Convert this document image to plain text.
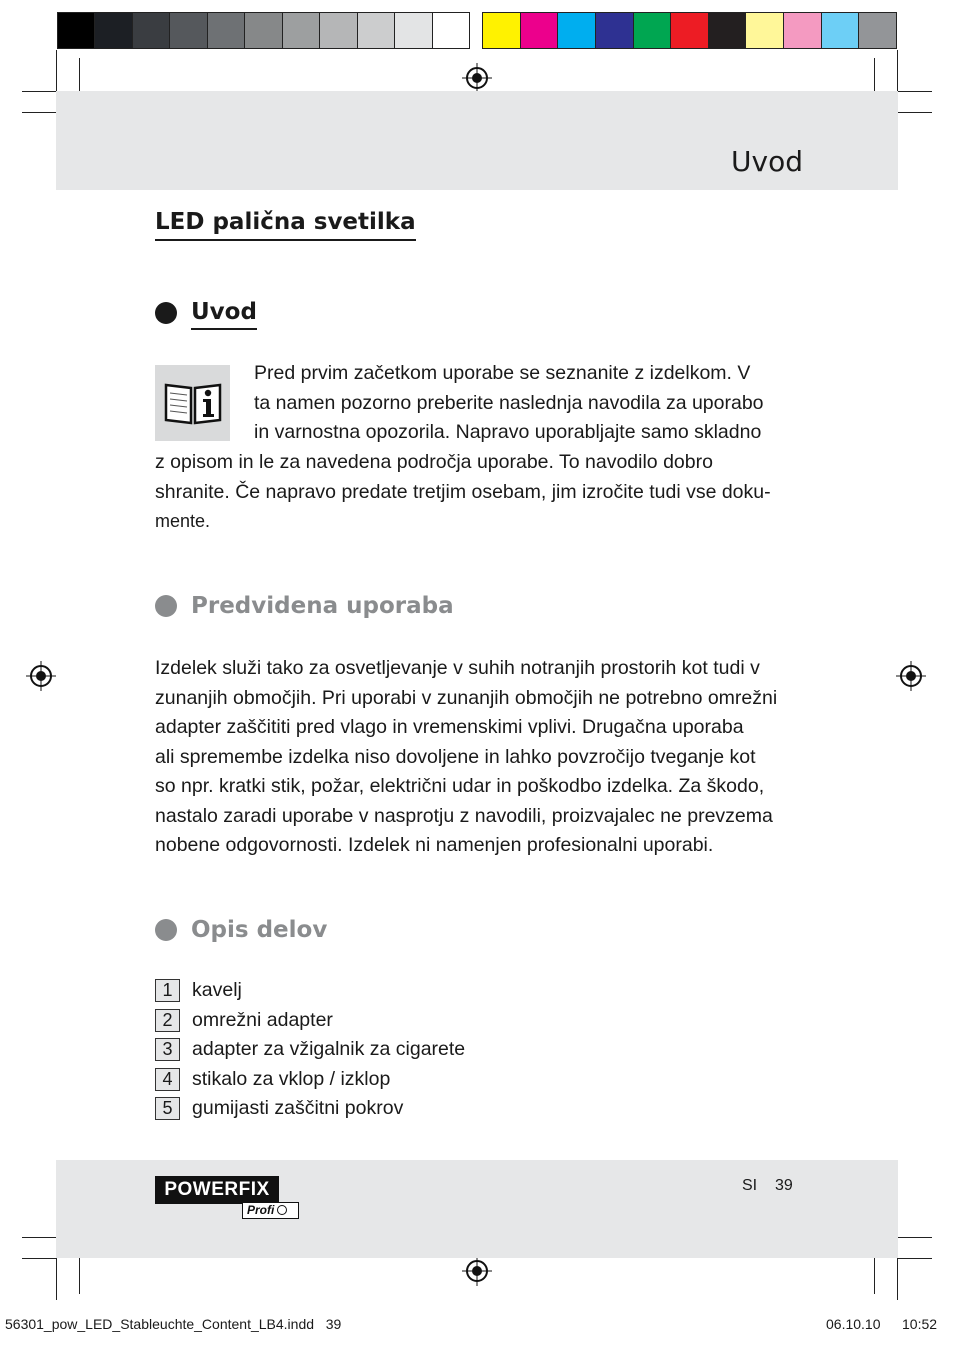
Uvod
LED palična svetilka
Uvod

Pred prvim začetkom uporabe se seznanite z izdelkom. V
ta namen pozorno preberite naslednja navodila za uporabo
in varnostna opozorila. Napravo uporabljajte samo skladno

z opisom in le za navedena področja uporabe. To navodilo dobro
shranite. Če napravo predate tretjim osebam, jim izročite tudi vse doku-
mente.

Predvidena uporaba

Izdelek služi tako za osvetljevanje v suhih notranjih prostorih kot tudi v
zunanjih območjih. Pri uporabi v zunanjih območjih ne potrebno omrežni
adapter zaščititi pred vlago in vremenskimi vplivi. Drugačna uporaba
ali spremembe izdelka niso dovoljene in lahko povzročijo tveganje kot
so npr. kratki stik, požar, električni udar in poškodbo izdelka. Za škodo,
nastalo zaradi uporabe v nasprotju z navodili, proizvajalec ne prevzema
nobene odgovornosti. Izdelek ni namenjen profesionalni uporabi.

Opis delov
1	kavelj
2	omrežni adapter
3	adapter za vžigalnik za cigarete
4	stikalo za vklop / izklop
5	gumijasti zaščitni pokrov
POWERFIX
Profi
SI 39
56301_pow_LED_Stableuchte_Content_LB4.indd   39	06.10.10 10:52
